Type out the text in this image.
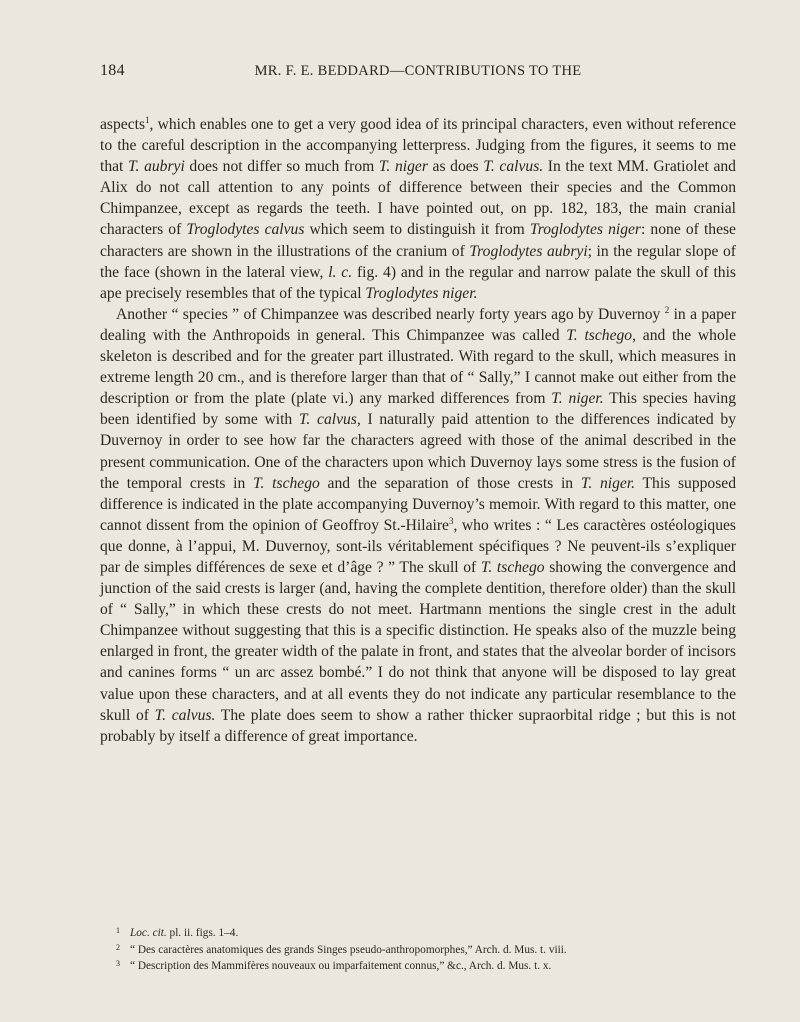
184	MR. F. E. BEDDARD—CONTRIBUTIONS TO THE

aspects$^1$, which enables one to get a very good idea of its principal characters, even without reference to the careful description in the accompanying letterpress. Judging from the figures, it seems to me that T. aubryi does not differ so much from T. niger as does T. calvus. In the text MM. Gratiolet and Alix do not call attention to any points of difference between their species and the Common Chimpanzee, except as regards the teeth. I have pointed out, on pp. 182, 183, the main cranial characters of Troglodytes calvus which seem to distinguish it from Troglodytes niger: none of these characters are shown in the illustrations of the cranium of Troglodytes aubryi; in the regular slope of the face (shown in the lateral view, l. c. fig. 4) and in the regular and narrow palate the skull of this ape precisely resembles that of the typical Troglodytes niger.

Another “ species ” of Chimpanzee was described nearly forty years ago by Duvernoy $^2$ in a paper dealing with the Anthropoids in general. This Chimpanzee was called T. tschego, and the whole skeleton is described and for the greater part illustrated. With regard to the skull, which measures in extreme length 20 cm., and is therefore larger than that of “ Sally,” I cannot make out either from the description or from the plate (plate vi.) any marked differences from T. niger. This species having been identified by some with T. calvus, I naturally paid attention to the differences indicated by Duvernoy in order to see how far the characters agreed with those of the animal described in the present communication. One of the characters upon which Duvernoy lays some stress is the fusion of the temporal crests in T. tschego and the separation of those crests in T. niger. This supposed difference is indicated in the plate accompanying Duvernoy’s memoir. With regard to this matter, one cannot dissent from the opinion of Geoffroy St.-Hilaire$^3$, who writes : “ Les caractères ostéologiques que donne, à l’appui, M. Duvernoy, sont-ils véritablement spécifiques ? Ne peuvent-ils s’expliquer par de simples différences de sexe et d’âge ? ” The skull of T. tschego showing the convergence and junction of the said crests is larger (and, having the complete dentition, therefore older) than the skull of “ Sally,” in which these crests do not meet. Hartmann mentions the single crest in the adult Chimpanzee without suggesting that this is a specific distinction. He speaks also of the muzzle being enlarged in front, the greater width of the palate in front, and states that the alveolar border of incisors and canines forms “ un arc assez bombé.” I do not think that anyone will be disposed to lay great value upon these characters, and at all events they do not indicate any particular resemblance to the skull of T. calvus. The plate does seem to show a rather thicker supraorbital ridge ; but this is not probably by itself a difference of great importance.

1 Loc. cit. pl. ii. figs. 1–4.
2 “ Des caractères anatomiques des grands Singes pseudo-anthropomorphes,” Arch. d. Mus. t. viii.
3 “ Description des Mammifères nouveaux ou imparfaitement connus,” &c., Arch. d. Mus. t. x.
